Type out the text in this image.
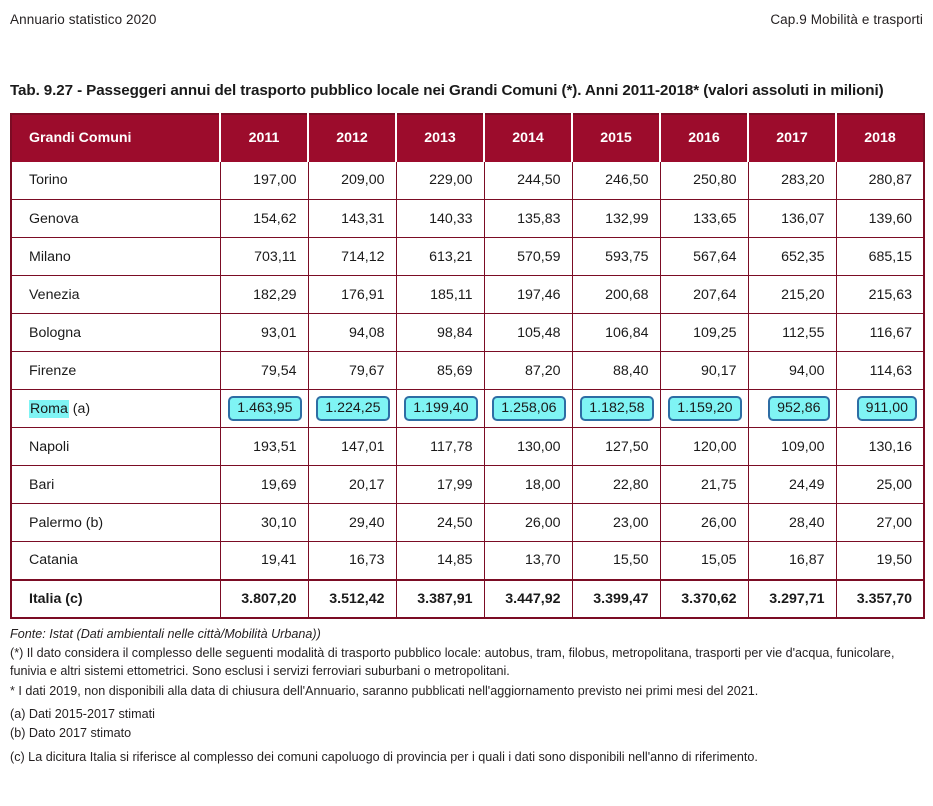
Annuario statistico 2020	Cap.9 Mobilità e trasporti
Tab. 9.27 - Passeggeri annui del trasporto pubblico locale nei Grandi Comuni (*). Anni 2011-2018* (valori assoluti in milioni)
Grandi Comuni	2011	2012	2013	2014	2015	2016	2017	2018
Torino	197,00	209,00	229,00	244,50	246,50	250,80	283,20	280,87
Genova	154,62	143,31	140,33	135,83	132,99	133,65	136,07	139,60
Milano	703,11	714,12	613,21	570,59	593,75	567,64	652,35	685,15
Venezia	182,29	176,91	185,11	197,46	200,68	207,64	215,20	215,63
Bologna	93,01	94,08	98,84	105,48	106,84	109,25	112,55	116,67
Firenze	79,54	79,67	85,69	87,20	88,40	90,17	94,00	114,63
Roma (a)	1.463,95	1.224,25	1.199,40	1.258,06	1.182,58	1.159,20	952,86	911,00
Napoli	193,51	147,01	117,78	130,00	127,50	120,00	109,00	130,16
Bari	19,69	20,17	17,99	18,00	22,80	21,75	24,49	25,00
Palermo (b)	30,10	29,40	24,50	26,00	23,00	26,00	28,40	27,00
Catania	19,41	16,73	14,85	13,70	15,50	15,05	16,87	19,50
Italia (c)	3.807,20	3.512,42	3.387,91	3.447,92	3.399,47	3.370,62	3.297,71	3.357,70

Fonte: Istat (Dati ambientali nelle città/Mobilità Urbana))

(*) Il dato considera il complesso delle seguenti modalità di trasporto pubblico locale: autobus, tram, filobus, metropolitana, trasporti per vie d'acqua, funicolare, funivia e altri sistemi ettometrici. Sono esclusi i servizi ferroviari suburbani o metropolitani.

* I dati 2019, non disponibili alla data di chiusura dell'Annuario, saranno pubblicati nell'aggiornamento previsto nei primi mesi del 2021.

(a) Dati 2015-2017 stimati

(b) Dato 2017 stimato

(c) La dicitura Italia si riferisce al complesso dei comuni capoluogo di provincia per i quali i dati sono disponibili nell'anno di riferimento.
